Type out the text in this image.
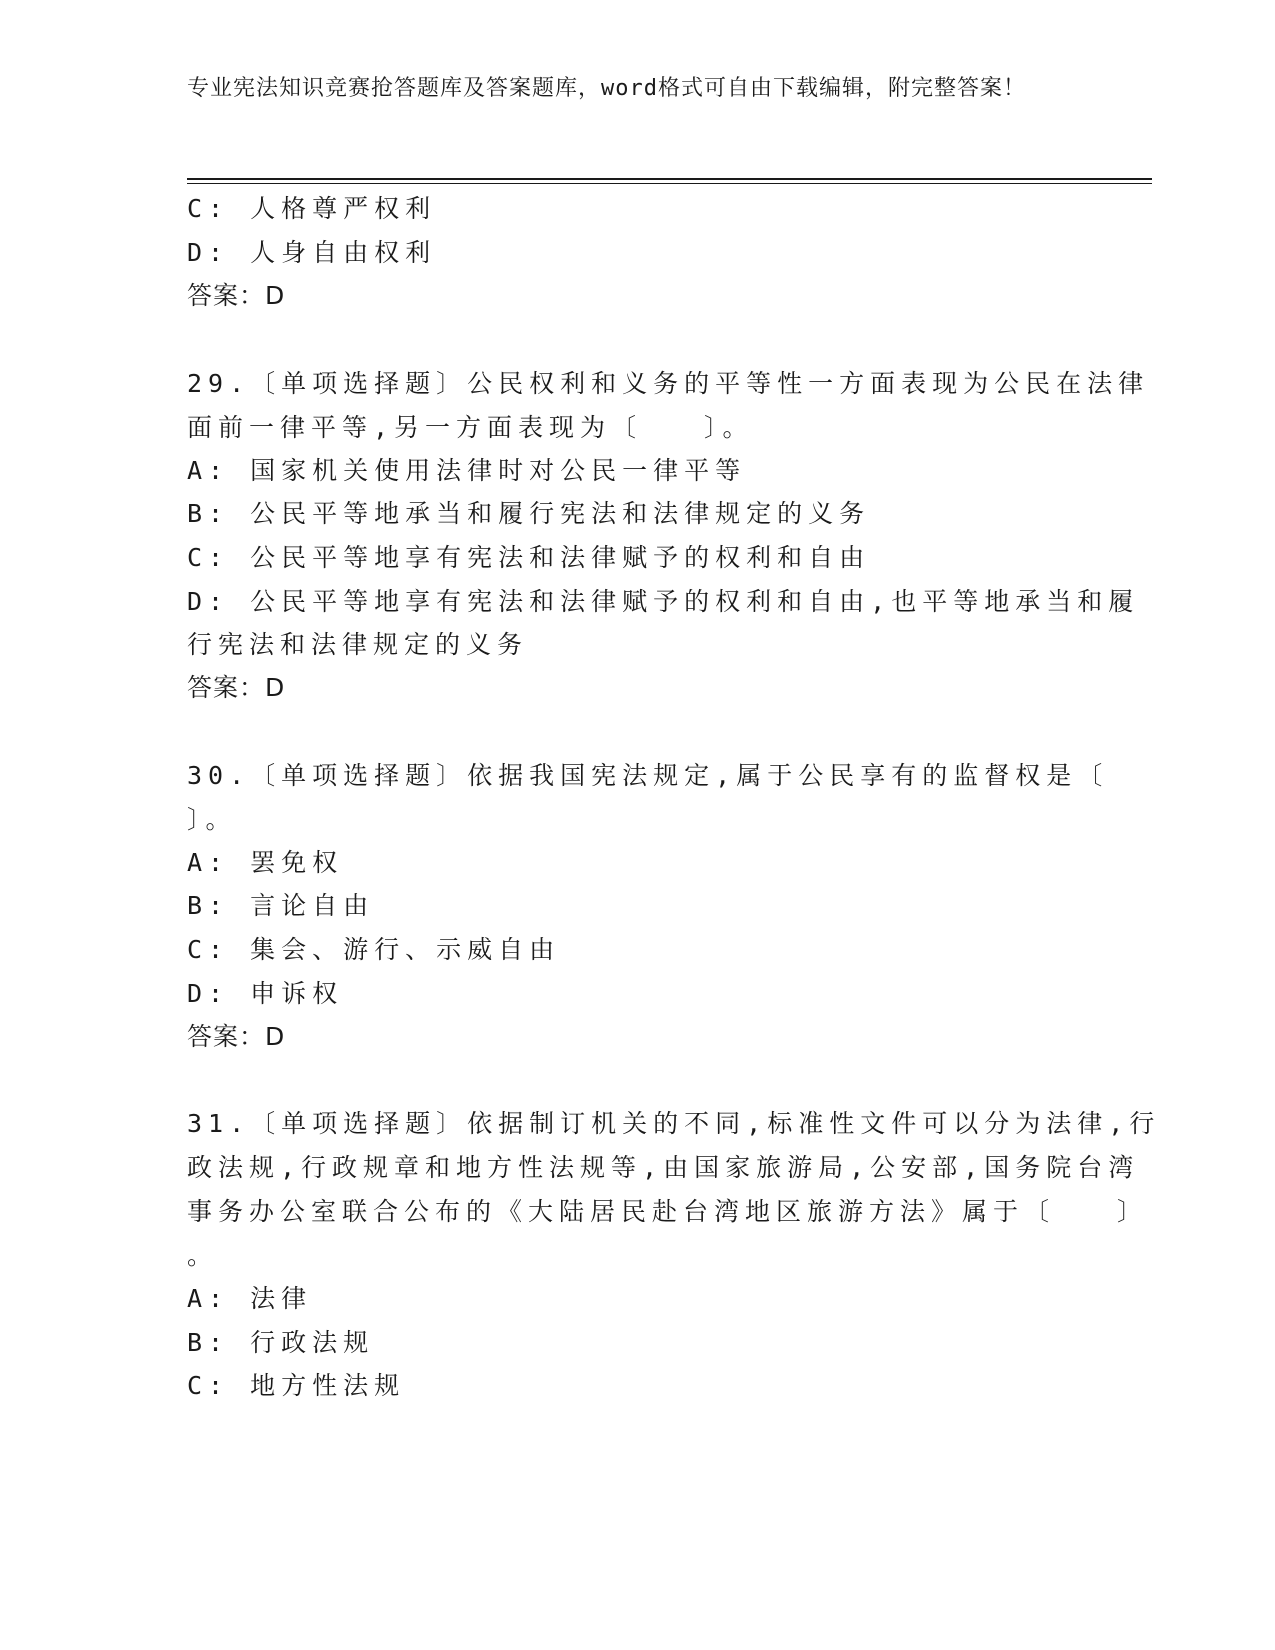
专业宪法知识竞赛抢答题库及答案题库，word格式可自由下载编辑，附完整答案！
C: 人格尊严权利
D: 人身自由权利
答案：D
29.〔单项选择题〕公民权利和义务的平等性一方面表现为公民在法律
面前一律平等,另一方面表现为〔　　〕。
A: 国家机关使用法律时对公民一律平等
B: 公民平等地承当和履行宪法和法律规定的义务
C: 公民平等地享有宪法和法律赋予的权利和自由
D: 公民平等地享有宪法和法律赋予的权利和自由,也平等地承当和履
行宪法和法律规定的义务
答案：D
30.〔单项选择题〕依据我国宪法规定,属于公民享有的监督权是〔
〕。
A: 罢免权
B: 言论自由
C: 集会、游行、示威自由
D: 申诉权
答案：D
31.〔单项选择题〕依据制订机关的不同,标准性文件可以分为法律,行
政法规,行政规章和地方性法规等,由国家旅游局,公安部,国务院台湾
事务办公室联合公布的《大陆居民赴台湾地区旅游方法》属于〔　　〕
。
A: 法律
B: 行政法规
C: 地方性法规
